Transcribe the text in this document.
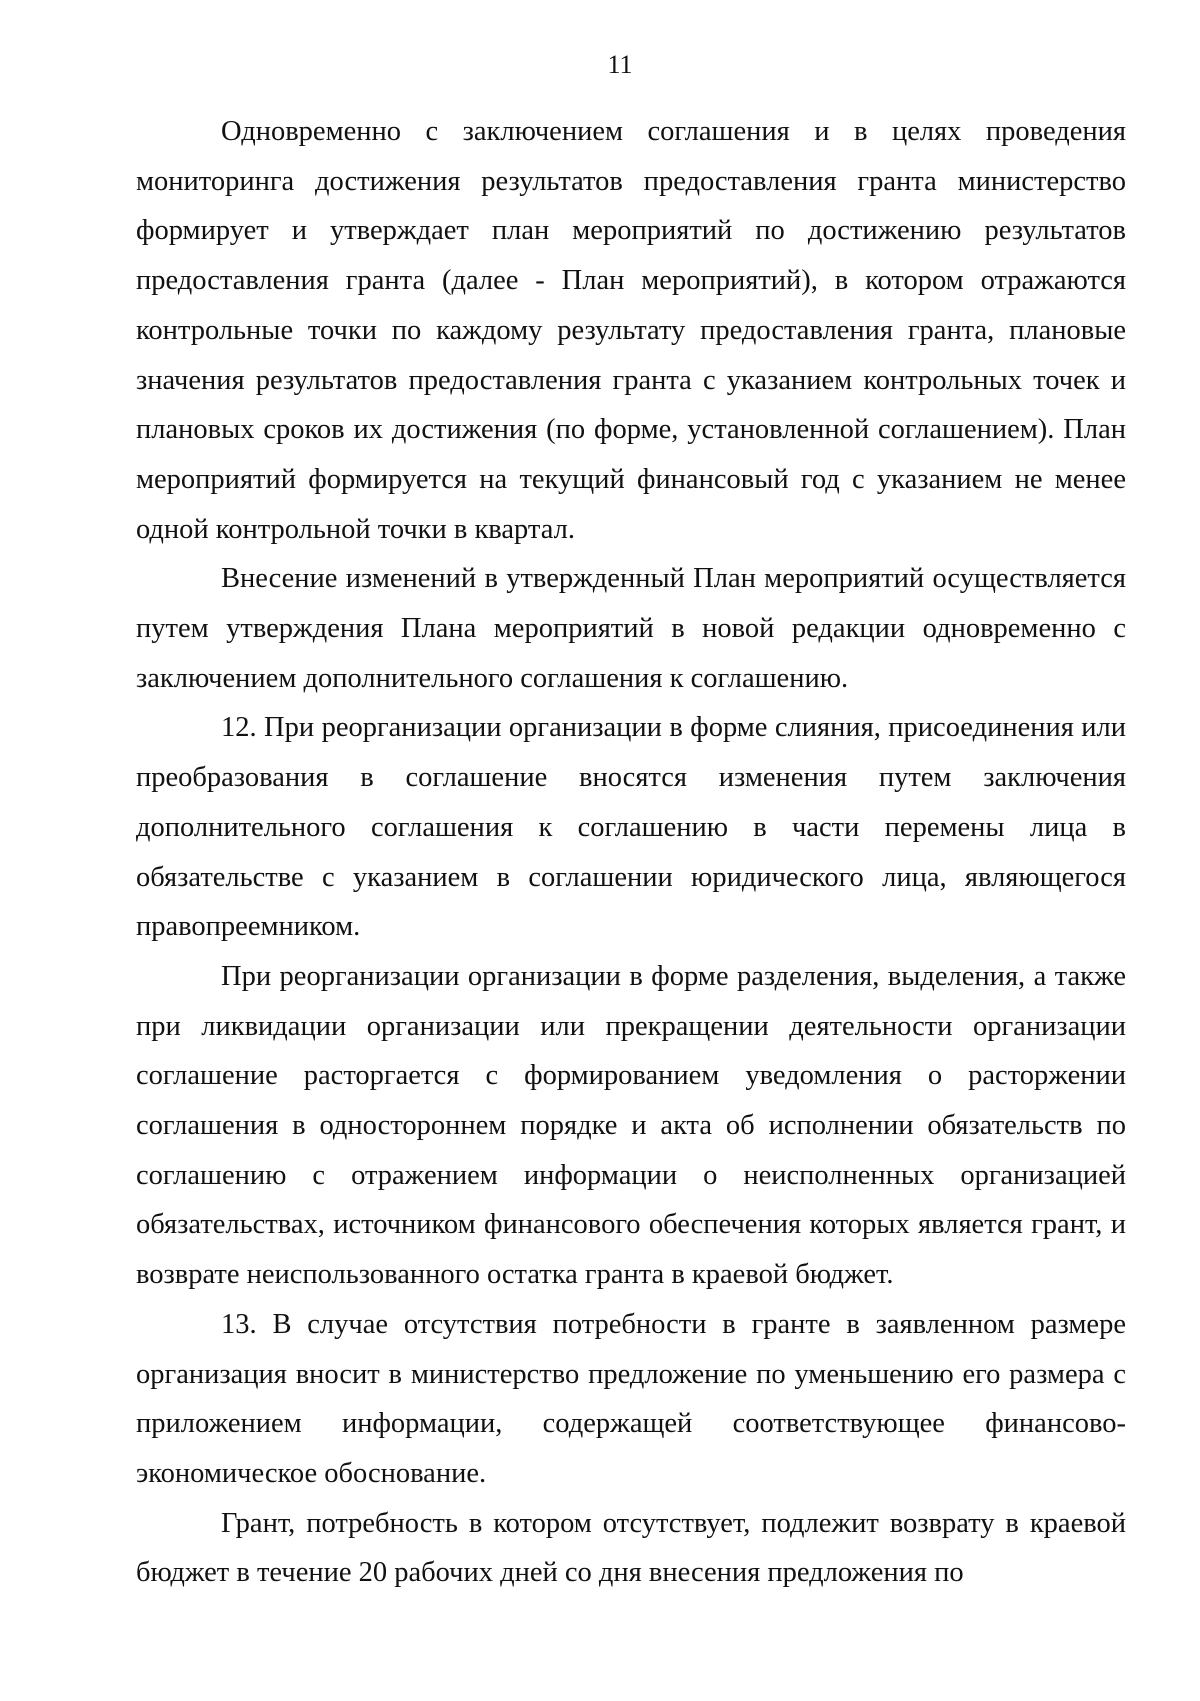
11

Одновременно с заключением соглашения и в целях проведения мониторинга достижения результатов предоставления гранта министерство формирует и утверждает план мероприятий по достижению результатов предоставления гранта (далее - План мероприятий), в котором отражаются контрольные точки по каждому результату предоставления гранта, плановые значения результатов предоставления гранта с указанием контрольных точек и плановых сроков их достижения (по форме, установленной соглашением). План мероприятий формируется на текущий финансовый год с указанием не менее одной контрольной точки в квартал.

Внесение изменений в утвержденный План мероприятий осуществляется путем утверждения Плана мероприятий в новой редакции одновременно с заключением дополнительного соглашения к соглашению.

12. При реорганизации организации в форме слияния, присоединения или преобразования в соглашение вносятся изменения путем заключения дополнительного соглашения к соглашению в части перемены лица в обязательстве с указанием в соглашении юридического лица, являющегося правопреемником.

При реорганизации организации в форме разделения, выделения, а также при ликвидации организации или прекращении деятельности организации соглашение расторгается с формированием уведомления о расторжении соглашения в одностороннем порядке и акта об исполнении обязательств по соглашению с отражением информации о неисполненных организацией обязательствах, источником финансового обеспечения которых является грант, и возврате неиспользованного остатка гранта в краевой бюджет.

13. В случае отсутствия потребности в гранте в заявленном размере организация вносит в министерство предложение по уменьшению его размера с приложением информации, содержащей соответствующее финансово-экономическое обоснование.

Грант, потребность в котором отсутствует, подлежит возврату в краевой бюджет в течение 20 рабочих дней со дня внесения предложения по
